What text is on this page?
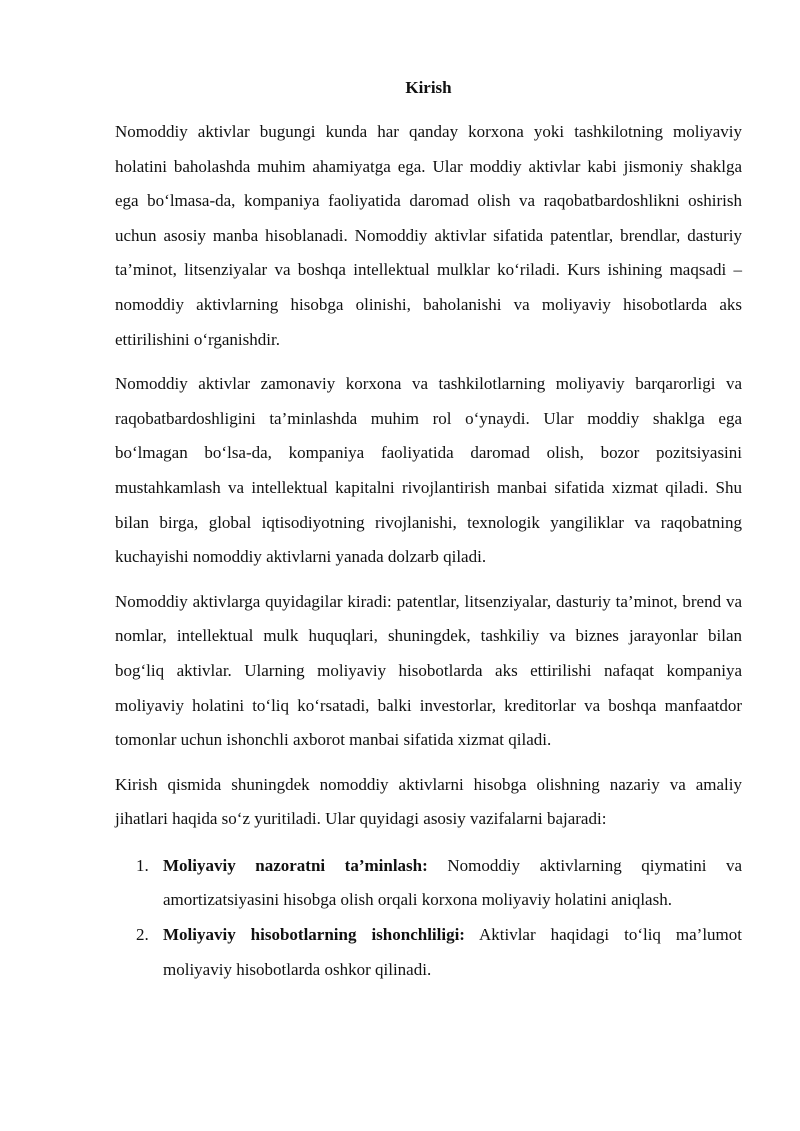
Kirish

Nomoddiy aktivlar bugungi kunda har qanday korxona yoki tashkilotning moliyaviy holatini baholashda muhim ahamiyatga ega. Ular moddiy aktivlar kabi jismoniy shaklga ega bo‘lmasa-da, kompaniya faoliyatida daromad olish va raqobatbardoshlikni oshirish uchun asosiy manba hisoblanadi. Nomoddiy aktivlar sifatida patentlar, brendlar, dasturiy ta’minot, litsenziyalar va boshqa intellektual mulklar ko‘riladi. Kurs ishining maqsadi – nomoddiy aktivlarning hisobga olinishi, baholanishi va moliyaviy hisobotlarda aks ettirilishini o‘rganishdir.

Nomoddiy aktivlar zamonaviy korxona va tashkilotlarning moliyaviy barqarorligi va raqobatbardoshligini ta’minlashda muhim rol o‘ynaydi. Ular moddiy shaklga ega bo‘lmagan bo‘lsa-da, kompaniya faoliyatida daromad olish, bozor pozitsiyasini mustahkamlash va intellektual kapitalni rivojlantirish manbai sifatida xizmat qiladi. Shu bilan birga, global iqtisodiyotning rivojlanishi, texnologik yangiliklar va raqobatning kuchayishi nomoddiy aktivlarni yanada dolzarb qiladi.

Nomoddiy aktivlarga quyidagilar kiradi: patentlar, litsenziyalar, dasturiy ta’minot, brend va nomlar, intellektual mulk huquqlari, shuningdek, tashkiliy va biznes jarayonlar bilan bog‘liq aktivlar. Ularning moliyaviy hisobotlarda aks ettirilishi nafaqat kompaniya moliyaviy holatini to‘liq ko‘rsatadi, balki investorlar, kreditorlar va boshqa manfaatdor tomonlar uchun ishonchli axborot manbai sifatida xizmat qiladi.

Kirish qismida shuningdek nomoddiy aktivlarni hisobga olishning nazariy va amaliy jihatlari haqida so‘z yuritiladi. Ular quyidagi asosiy vazifalarni bajaradi:

1. Moliyaviy nazoratni ta’minlash: Nomoddiy aktivlarning qiymatini va amortizatsiyasini hisobga olish orqali korxona moliyaviy holatini aniqlash.
2. Moliyaviy hisobotlarning ishonchliligi: Aktivlar haqidagi to‘liq ma’lumot moliyaviy hisobotlarda oshkor qilinadi.
